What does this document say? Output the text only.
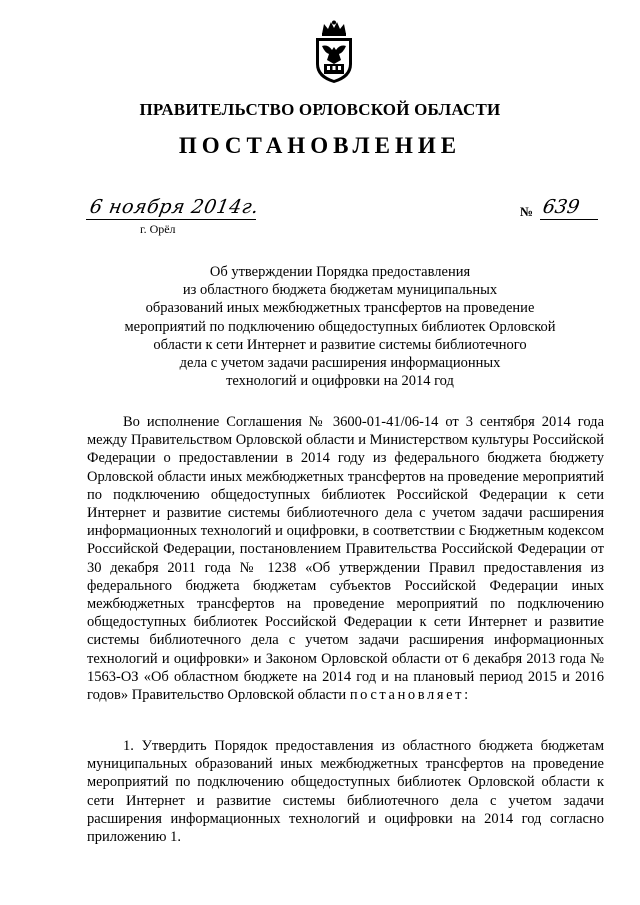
ПРАВИТЕЛЬСТВО ОРЛОВСКОЙ ОБЛАСТИ
ПОСТАНОВЛЕНИЕ
6 ноября 2014г.	№ 639
г. Орёл
Об утверждении Порядка предоставления
из областного бюджета бюджетам муниципальных
образований иных межбюджетных трансфертов на проведение
мероприятий по подключению общедоступных библиотек Орловской
области к сети Интернет и развитие системы библиотечного
дела с учетом задачи расширения информационных
технологий и оцифровки на 2014 год

Во исполнение Соглашения № 3600-01-41/06-14 от 3 сентября 2014 года между Правительством Орловской области и Министерством культуры Российской Федерации о предоставлении в 2014 году из федерального бюджета бюджету Орловской области иных межбюджетных трансфертов на проведение мероприятий по подключению общедоступных библиотек Российской Федерации к сети Интернет и развитие системы библиотечного дела с учетом задачи расширения информационных технологий и оцифровки, в соответствии с Бюджетным кодексом Российской Федерации, постановлением Правительства Российской Федерации от 30 декабря 2011 года № 1238 «Об утверждении Правил предоставления из федерального бюджета бюджетам субъектов Российской Федерации иных межбюджетных трансфертов на проведение мероприятий по подключению общедоступных библиотек Российской Федерации к сети Интернет и развитие системы библиотечного дела с учетом задачи расширения информационных технологий и оцифровки» и Законом Орловской области от 6 декабря 2013 года № 1563-ОЗ «Об областном бюджете на 2014 год и на плановый период 2015 и 2016 годов» Правительство Орловской области постановляет:

1. Утвердить Порядок предоставления из областного бюджета бюджетам муниципальных образований иных межбюджетных трансфертов на проведение мероприятий по подключению общедоступных библиотек Орловской области к сети Интернет и развитие системы библиотечного дела с учетом задачи расширения информационных технологий и оцифровки на 2014 год согласно приложению 1.
